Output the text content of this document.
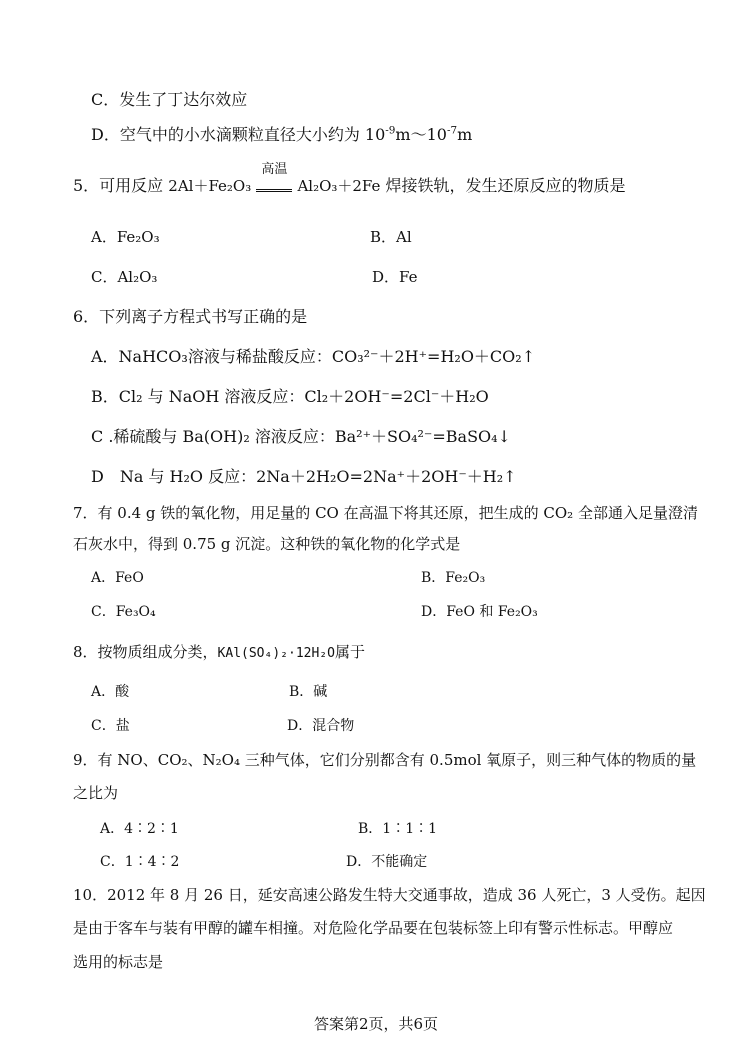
C．发生了丁达尔效应
D．空气中的小水滴颗粒直径大小约为 $10^{-9}m\sim 10^{-7}m$
5．可用反应 2Al＋Fe₂O₃
高温
Al₂O₃＋2Fe 焊接铁轨，发生还原反应的物质是
A．Fe₂O₃	B．Al
C．Al₂O₃	D．Fe
6．下列离子方程式书写正确的是
A．NaHCO₃溶液与稀盐酸反应：CO₃²⁻＋2H⁺=H₂O＋CO₂↑
B．Cl₂ 与 NaOH 溶液反应：Cl₂＋2OH⁻=2Cl⁻＋H₂O
C .稀硫酸与 Ba(OH)₂ 溶液反应：Ba²⁺＋SO₄²⁻=BaSO₄↓
D　Na 与 H₂O 反应：2Na＋2H₂O=2Na⁺＋2OH⁻＋H₂↑
7．有 0.4 g 铁的氧化物，用足量的 CO 在高温下将其还原，把生成的 CO₂ 全部通入足量澄清
石灰水中，得到 0.75 g 沉淀。这种铁的氧化物的化学式是
A．FeO	B．Fe₂O₃
C．Fe₃O₄	D．FeO 和 Fe₂O₃
8．按物质组成分类，KAl(SO₄)₂·12H₂O属于
A．酸	B．碱
C．盐	D．混合物
9．有 NO、CO₂、N₂O₄ 三种气体，它们分别都含有 0.5mol 氧原子，则三种气体的物质的量
之比为
A．4∶2∶1	B．1∶1∶1
C．1∶4∶2	D．不能确定
10．2012 年 8 月 26 日，延安高速公路发生特大交通事故，造成 36 人死亡，3 人受伤。起因
是由于客车与装有甲醇的罐车相撞。对危险化学品要在包装标签上印有警示性标志。甲醇应
选用的标志是
答案第2页，共6页
